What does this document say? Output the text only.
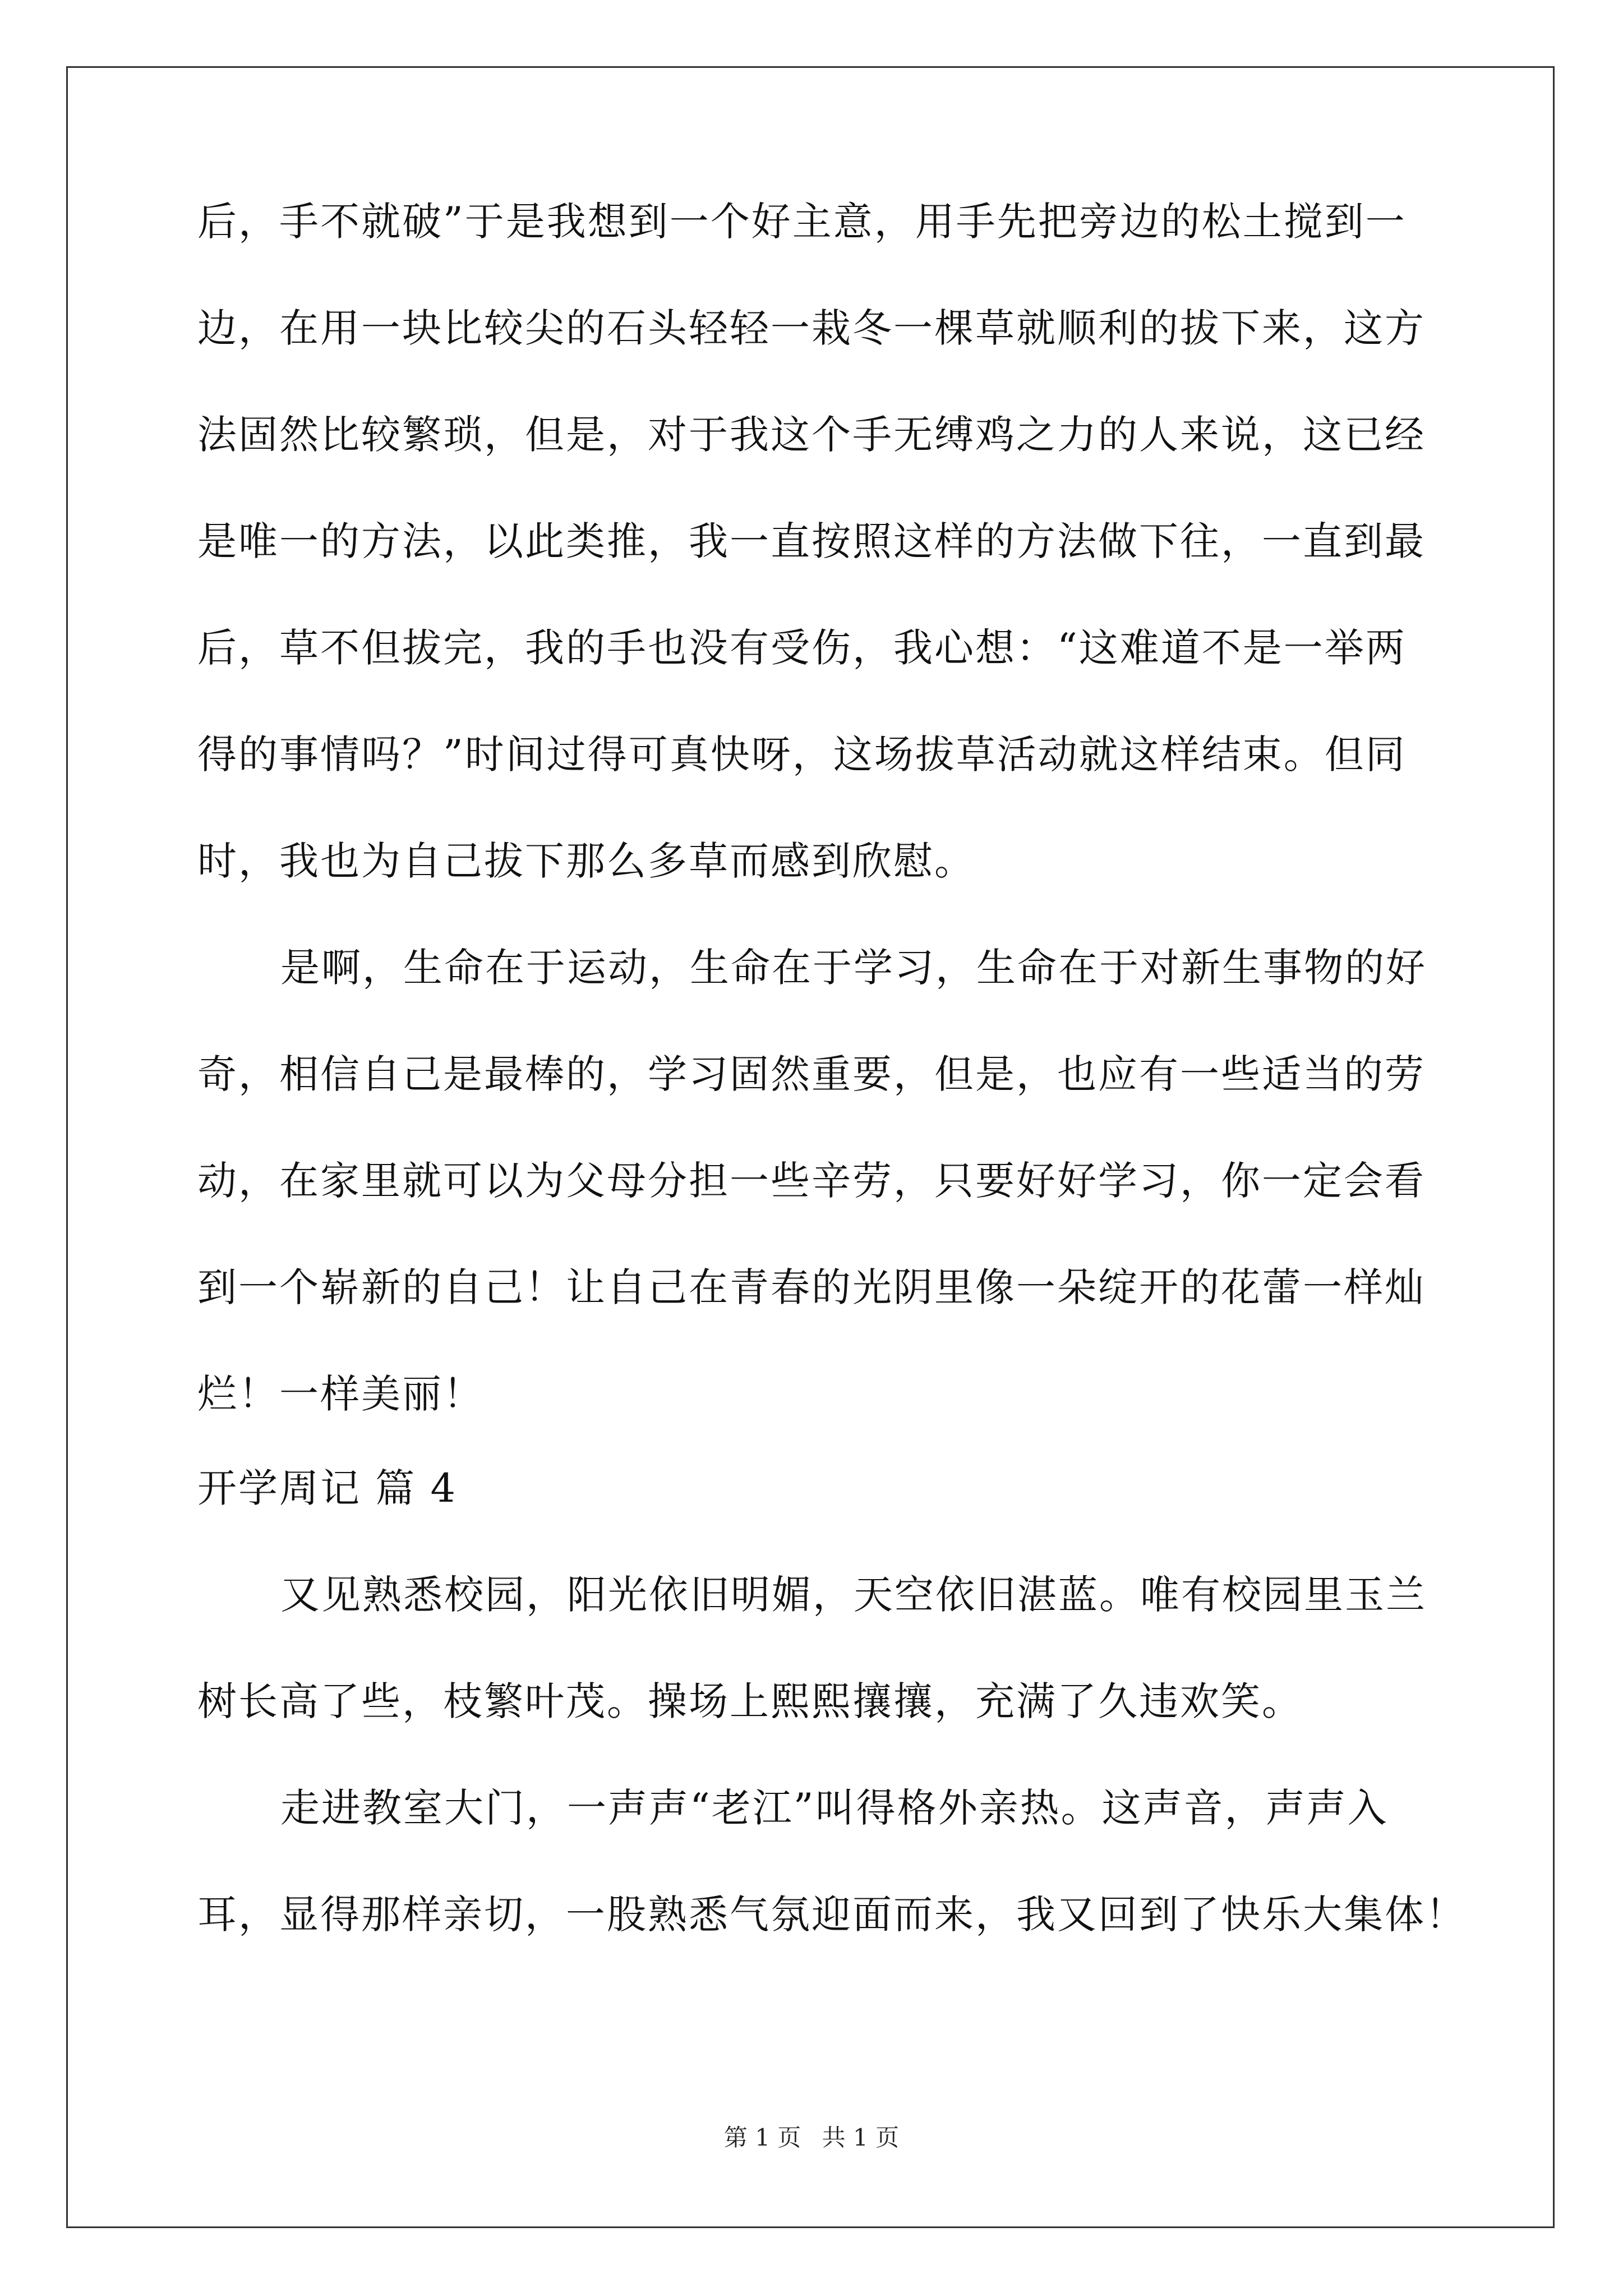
后，手不就破”于是我想到一个好主意，用手先把旁边的松土搅到一
边，在用一块比较尖的石头轻轻一栽冬一棵草就顺利的拔下来，这方
法固然比较繁琐，但是，对于我这个手无缚鸡之力的人来说，这已经
是唯一的方法，以此类推，我一直按照这样的方法做下往，一直到最
后，草不但拔完，我的手也没有受伤，我心想：“这难道不是一举两
得的事情吗？”时间过得可真快呀，这场拔草活动就这样结束。但同
时，我也为自己拔下那么多草而感到欣慰。
是啊，生命在于运动，生命在于学习，生命在于对新生事物的好
奇，相信自己是最棒的，学习固然重要，但是，也应有一些适当的劳
动，在家里就可以为父母分担一些辛劳，只要好好学习，你一定会看
到一个崭新的自己！让自己在青春的光阴里像一朵绽开的花蕾一样灿
烂！一样美丽！
开学周记 篇 4
又见熟悉校园，阳光依旧明媚，天空依旧湛蓝。唯有校园里玉兰
树长高了些，枝繁叶茂。操场上熙熙攘攘，充满了久违欢笑。
走进教室大门，一声声“老江”叫得格外亲热。这声音，声声入
耳，显得那样亲切，一股熟悉气氛迎面而来，我又回到了快乐大集体！
第 1 页 共 1 页
